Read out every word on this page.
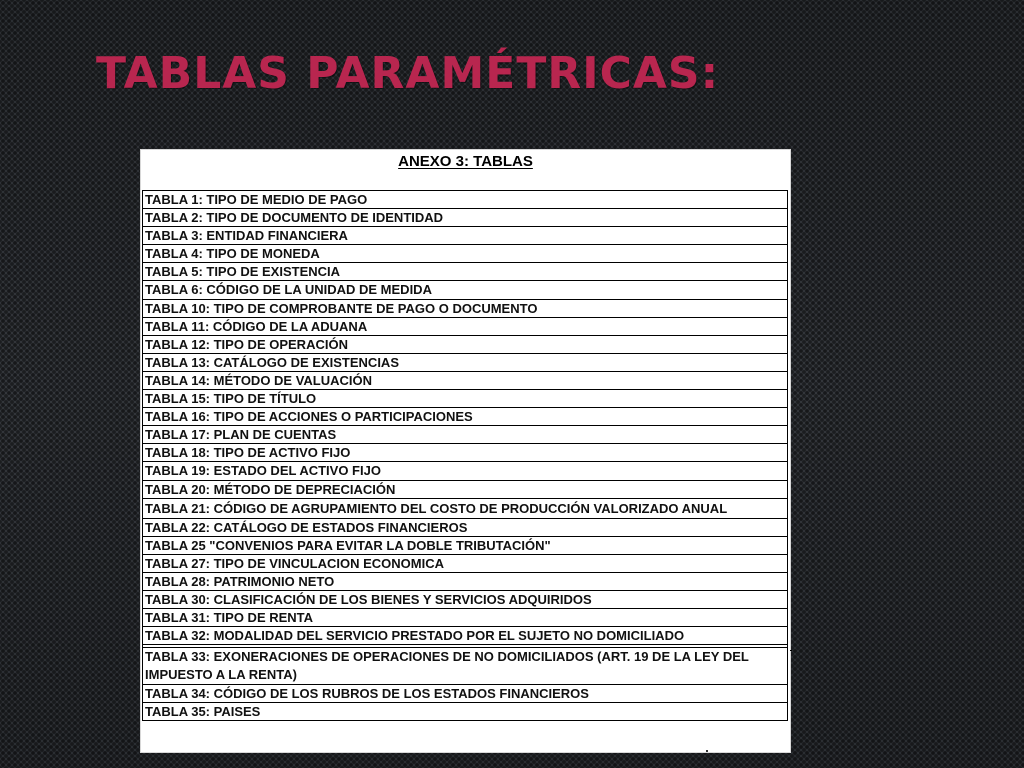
TABLAS PARAMÉTRICAS:
ANEXO 3: TABLAS
TABLA 1: TIPO DE MEDIO DE PAGO
TABLA 2: TIPO DE DOCUMENTO DE IDENTIDAD
TABLA 3: ENTIDAD FINANCIERA
TABLA 4: TIPO DE MONEDA
TABLA 5: TIPO DE EXISTENCIA
TABLA 6: CÓDIGO DE LA UNIDAD DE MEDIDA
TABLA 10: TIPO DE COMPROBANTE DE PAGO O DOCUMENTO
TABLA 11: CÓDIGO DE LA ADUANA
TABLA 12: TIPO DE OPERACIÓN
TABLA 13: CATÁLOGO DE EXISTENCIAS
TABLA 14: MÉTODO DE VALUACIÓN
TABLA 15: TIPO DE TÍTULO
TABLA 16: TIPO DE ACCIONES O PARTICIPACIONES
TABLA 17: PLAN DE CUENTAS
TABLA 18: TIPO DE ACTIVO FIJO
TABLA 19: ESTADO DEL ACTIVO FIJO
TABLA 20: MÉTODO DE DEPRECIACIÓN
TABLA 21: CÓDIGO DE AGRUPAMIENTO DEL COSTO DE PRODUCCIÓN VALORIZADO ANUAL
TABLA 22: CATÁLOGO DE ESTADOS FINANCIEROS
TABLA 25 "CONVENIOS PARA EVITAR LA DOBLE TRIBUTACIÓN"
TABLA 27: TIPO DE VINCULACION ECONOMICA
TABLA 28: PATRIMONIO NETO
TABLA 30: CLASIFICACIÓN DE LOS BIENES Y SERVICIOS ADQUIRIDOS
TABLA 31: TIPO DE RENTA
TABLA 32: MODALIDAD DEL SERVICIO PRESTADO POR EL SUJETO NO DOMICILIADO
TABLA 33: EXONERACIONES DE OPERACIONES DE NO DOMICILIADOS (ART. 19 DE LA LEY DEL IMPUESTO A LA RENTA)
TABLA 34: CÓDIGO DE LOS RUBROS DE LOS ESTADOS FINANCIEROS
TABLA 35: PAISES
